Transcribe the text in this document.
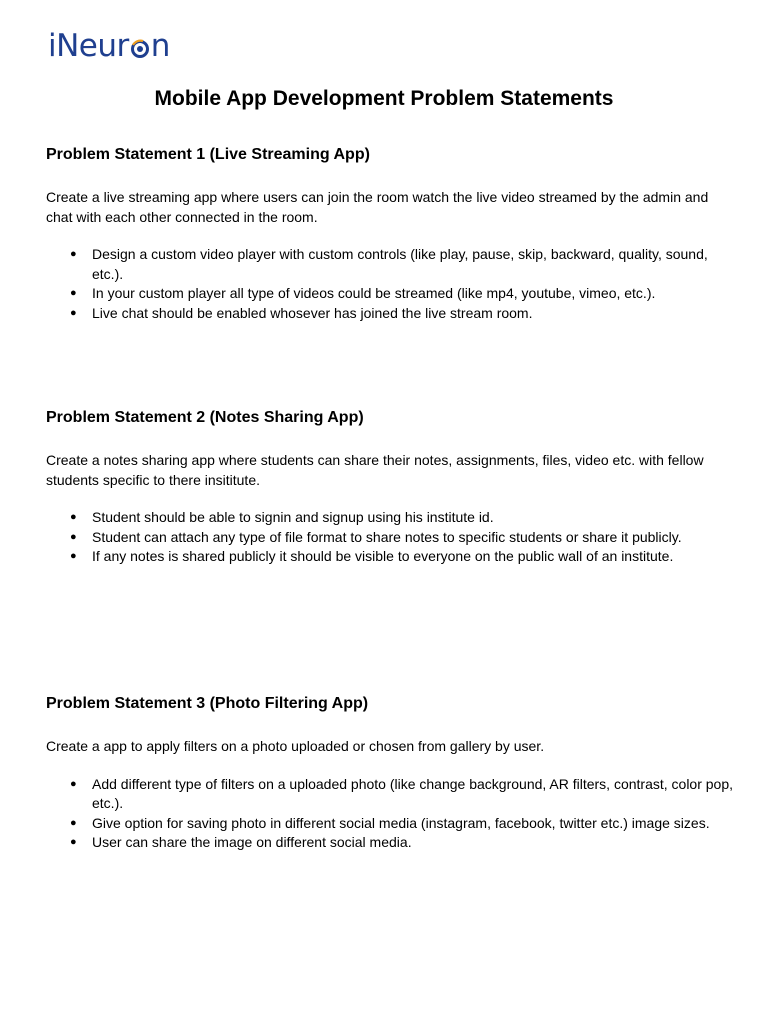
iNeur n
Mobile App Development Problem Statements
Problem Statement 1 (Live Streaming App)

Create a live streaming app where users can join the room watch the live video streamed by the admin and chat with each other connected in the room.

● Design a custom video player with custom controls (like play, pause, skip, backward, quality, sound, etc.).
● In your custom player all type of videos could be streamed (like mp4, youtube, vimeo, etc.).
● Live chat should be enabled whosever has joined the live stream room.
Problem Statement 2 (Notes Sharing App)

Create a notes sharing app where students can share their notes, assignments, files, video etc. with fellow students specific to there insititute.

● Student should be able to signin and signup using his institute id.
● Student can attach any type of file format to share notes to specific students or share it publicly.
● If any notes is shared publicly it should be visible to everyone on the public wall of an institute.
Problem Statement 3 (Photo Filtering App)

Create a app to apply filters on a photo uploaded or chosen from gallery by user.

● Add different type of filters on a uploaded photo (like change background, AR filters, contrast, color pop, etc.).
● Give option for saving photo in different social media (instagram, facebook, twitter etc.) image sizes.
● User can share the image on different social media.
